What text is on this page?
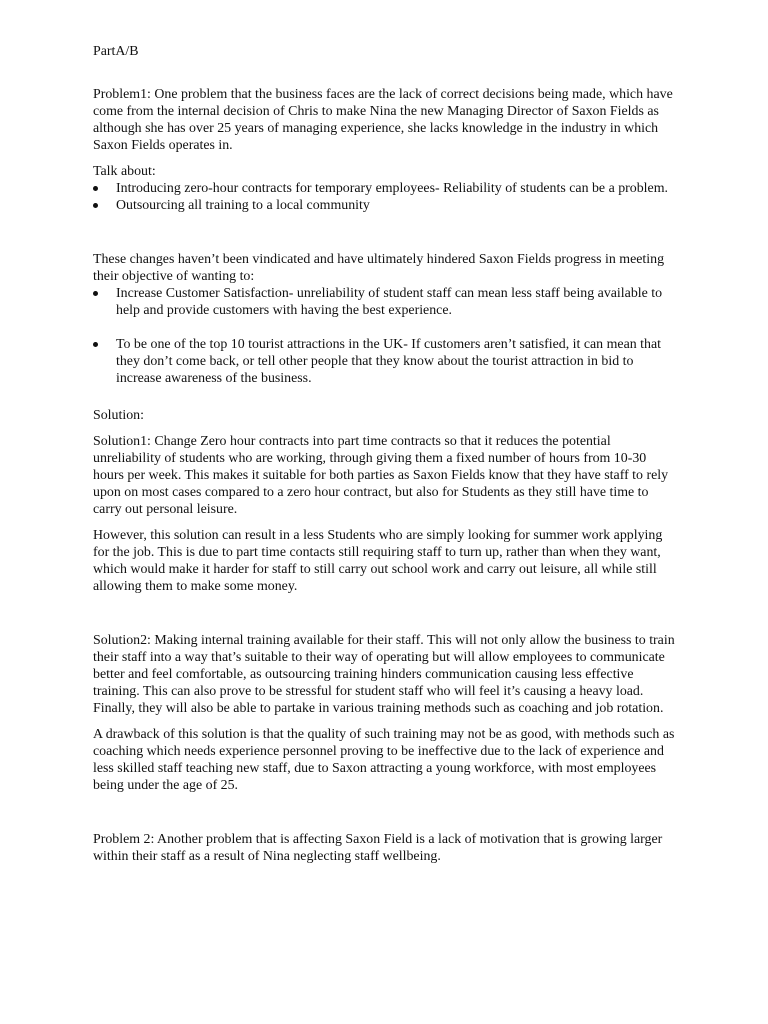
PartA/B

Problem1: One problem that the business faces are the lack of correct decisions being made, which have come from the internal decision of Chris to make Nina the new Managing Director of Saxon Fields as although she has over 25 years of managing experience, she lacks knowledge in the industry in which Saxon Fields operates in.

Talk about:

Introducing zero-hour contracts for temporary employees- Reliability of students can be a problem.
Outsourcing all training to a local community

These changes haven’t been vindicated and have ultimately hindered Saxon Fields progress in meeting their objective of wanting to:

Increase Customer Satisfaction- unreliability of student staff can mean less staff being available to help and provide customers with having the best experience.
To be one of the top 10 tourist attractions in the UK- If customers aren’t satisfied, it can mean that they don’t come back, or tell other people that they know about the tourist attraction in bid to increase awareness of the business.

Solution:

Solution1: Change Zero hour contracts into part time contracts so that it reduces the potential unreliability of students who are working, through giving them a fixed number of hours from 10-30 hours per week. This makes it suitable for both parties as Saxon Fields know that they have staff to rely upon on most cases compared to a zero hour contract, but also for Students as they still have time to carry out personal leisure.

However, this solution can result in a less Students who are simply looking for summer work applying for the job. This is due to part time contacts still requiring staff to turn up, rather than when they want, which would make it harder for staff to still carry out school work and carry out leisure, all while still allowing them to make some money.

Solution2: Making internal training available for their staff. This will not only allow the business to train their staff into a way that’s suitable to their way of operating but will allow employees to communicate better and feel comfortable, as outsourcing training hinders communication causing less effective training. This can also prove to be stressful for student staff who will feel it’s causing a heavy load. Finally, they will also be able to partake in various training methods such as coaching and job rotation.

A drawback of this solution is that the quality of such training may not be as good, with methods such as coaching which needs experience personnel proving to be ineffective due to the lack of experience and less skilled staff teaching new staff, due to Saxon attracting a young workforce, with most employees being under the age of 25.

Problem 2: Another problem that is affecting Saxon Field is a lack of motivation that is growing larger within their staff as a result of Nina neglecting staff wellbeing.
